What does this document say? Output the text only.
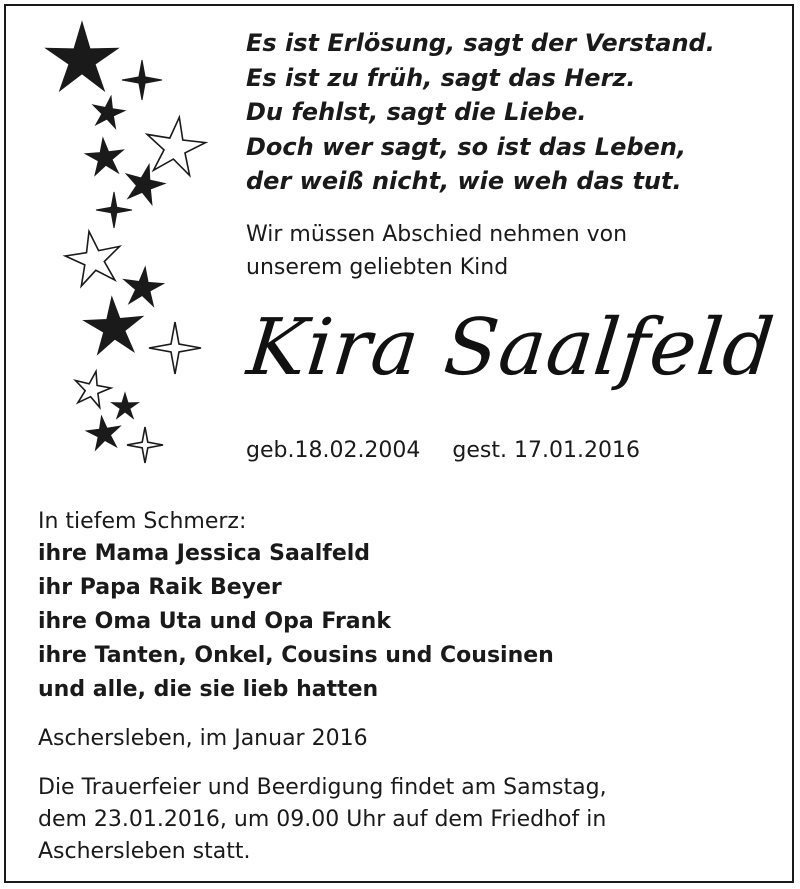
Es ist Erlösung, sagt der Verstand.
Es ist zu früh, sagt das Herz.
Du fehlst, sagt die Liebe.
Doch wer sagt, so ist das Leben,
der weiß nicht, wie weh das tut.
Wir müssen Abschied nehmen von
unserem geliebten Kind
Kira Saalfeld
geb.18.02.2004 gest. 17.01.2016
In tiefem Schmerz:
ihre Mama Jessica Saalfeld
ihr Papa Raik Beyer
ihre Oma Uta und Opa Frank
ihre Tanten, Onkel, Cousins und Cousinen
und alle, die sie lieb hatten
Aschersleben, im Januar 2016
Die Trauerfeier und Beerdigung findet am Samstag,
dem 23.01.2016, um 09.00 Uhr auf dem Friedhof in
Aschersleben statt.
